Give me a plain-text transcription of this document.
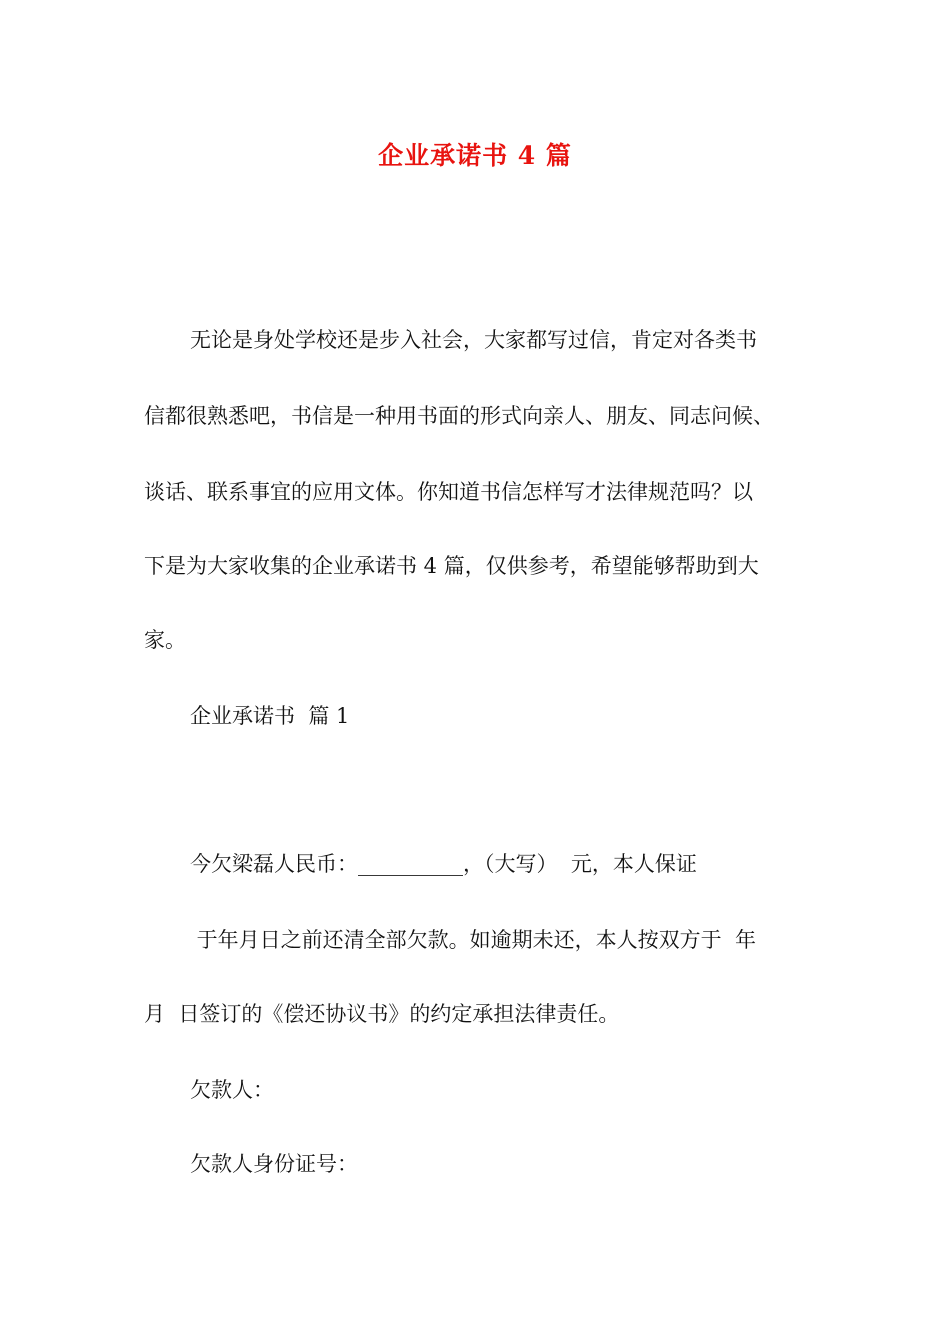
企业承诺书 4 篇
无论是身处学校还是步入社会，大家都写过信，肯定对各类书
信都很熟悉吧，书信是一种用书面的形式向亲人、朋友、同志问候、
谈话、联系事宜的应用文体。你知道书信怎样写才法律规范吗？以
下是为大家收集的企业承诺书 4 篇，仅供参考，希望能够帮助到大
家。
企业承诺书  篇 1
今欠梁磊人民币：__________，（大写）  元，本人保证
于年月日之前还清全部欠款。如逾期未还，本人按双方于  年
月  日签订的《偿还协议书》的约定承担法律责任。
欠款人：
欠款人身份证号：
